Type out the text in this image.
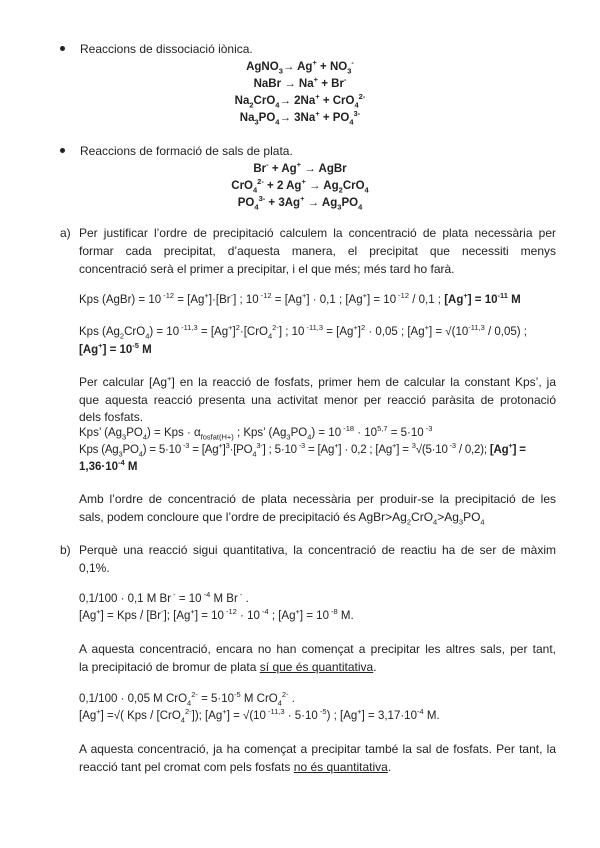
Reaccions de dissociació iònica.
AgNO$_3$→ $Ag^+ + NO_3^-$
NaBr → Na+ + Br-
$Na_2CrO_4\to 2Na^+ + CrO_4^{2-}$
$Na_3PO_4\to 3Na^+ + PO_4^{3-}$
Reaccions de formació de sals de plata.
Br- + Ag+ → AgBr
CrO$_4^{2-}$ + 2 $Ag^+ \to Ag_2CrO_4$
$PO_4^{3-} + 3Ag^+ \to Ag_3PO_4$
a) Per justificar l’ordre de precipitació calculem la concentració de plata necessària per
formar cada precipitat, d’aquesta manera, el precipitat que necessiti menys
concentració serà el primer a precipitar, i el que més; més tard ho farà.
Kps (AgBr) = 10 $^{-12}$ = [Ag+]·[Br-] ; 10 $^{-12}$ = [Ag+] · 0,1 ; [Ag+] = 10 $^{-12}$ / 0,1 ; $[Ag^+] = 10^{-11}$ M
Kps $(Ag_2CrO_4) = 10$ $^{-11,3} = [Ag^+]^2\cdot[CrO_4^{2-}]$ ; 10 $^{-11,3} = [Ag^+]^2 \cdot 0,05$ ; $[Ag^+] = √(10^{-11,3} / 0,05)$ ;
$[Ag^+] = 10^{-5}$ M
Per calcular [Ag+] en la reacció de fosfats, primer hem de calcular la constant Kps’, ja
que aquesta reacció presenta una activitat menor per reacció paràsita de protonació
dels fosfats.
Kps’ $(Ag_3PO_4)$ = Kps · $\alpha_{fosfat(H+)}$ ; Kps’ $(Ag_3PO_4) = 10$ $^{-18} \cdot 10^{5,7} = 5\cdot 10$ $^{-3}$
Kps $(Ag_3PO_4) = 5\cdot 10$ $^{-3} = [Ag^+]^3\cdot[PO_4^{3-}]$ ; 5·10 $^{-3}$ = [Ag+] · 0,2 ; [Ag+] = $^3$√(5·10 $^{-3}$ / 0,2); [Ag+] =
$1,36\cdot 10^{-4}$ M
Amb l’ordre de concentració de plata necessària per produir-se la precipitació de les
sals, podem concloure que l’ordre de precipitació és $AgBr>Ag_2CrO_4>Ag_3PO_4$
b) Perquè una reacció sigui quantitativa, la concentració de reactiu ha de ser de màxim
0,1%.
0,1/100 · 0,1 M Br - = 10 $^{-4}$ M Br - .
[Ag+] = Kps / [Br-]; [Ag+] = 10 $^{-12}$ · 10 $^{-4}$ ; [Ag+] = 10 $^{-8}$ M.
A aquesta concentració, encara no han començat a precipitar les altres sals, per tant,
la precipitació de bromur de plata sí que és quantitativa.
0,1/100 · 0,05 M $CrO_4^{2-} = 5\cdot 10^{-5}$ M CrO$_4^{2-}$ .
[Ag+] =√( Kps / [CrO$_4^{2-}$]); [Ag+] = √(10 $^{-11,3}$ · 5·10 $^{-5}$) ; $[Ag^+] = 3,17\cdot 10^{-4}$ M.
A aquesta concentració, ja ha començat a precipitar també la sal de fosfats. Per tant, la
reacció tant pel cromat com pels fosfats no és quantitativa.
